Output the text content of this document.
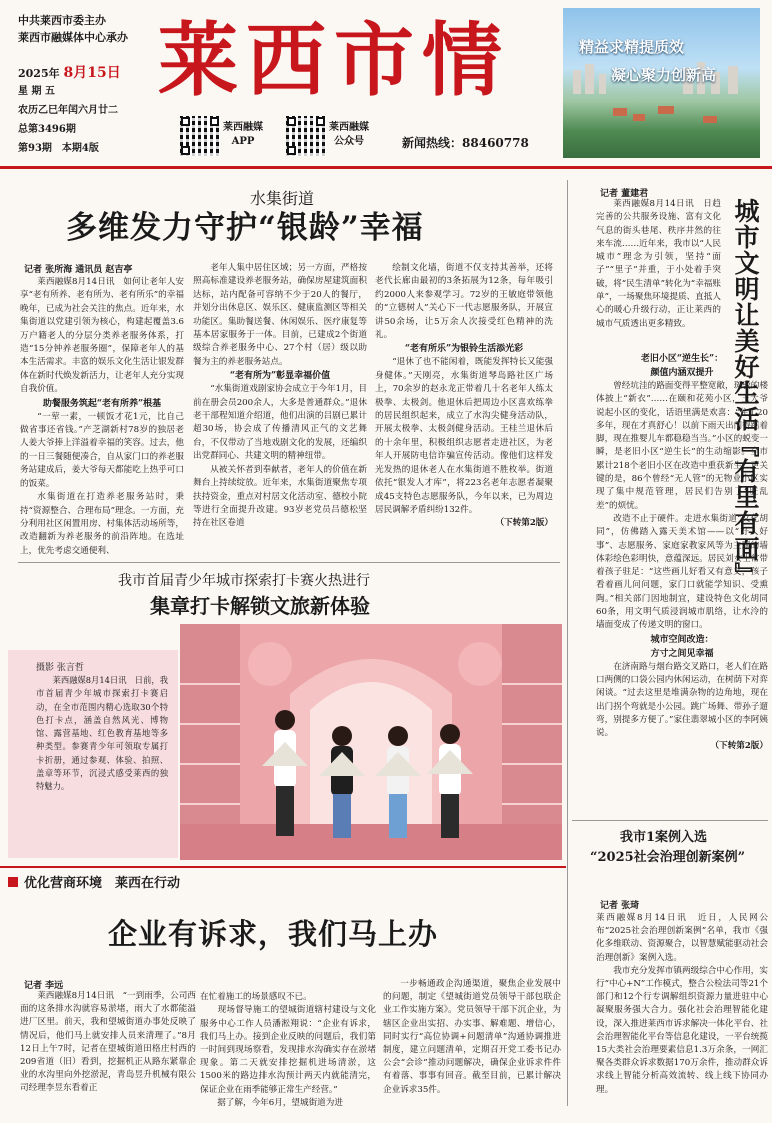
中共莱西市委主办
莱西市融媒体中心承办
2025年 8月15日
星 期 五
农历乙巳年闰六月廿二
总第3496期
第93期　本期4版
莱西市情
莱西融媒
APP
莱西融媒
公众号	新闻热线：88460778
精益求精提质效
凝心聚力创新高
水集街道
多维发力守护“银龄”幸福
记者 张所海 通讯员 赵吉亭

莱西融媒8月14日讯　如何让老年人安享“老有所养、老有所为、老有所乐”的幸福晚年，已成为社会关注的焦点。近年来，水集街道以党建引领为核心，构建起覆盖3.6万户籍老人的分层分类养老服务体系，打造“15分钟养老服务圈”，保障老年人的基本生活需求。丰富的娱乐文化生活让银发群体在新时代焕发新活力，让老年人充分实现自我价值。

助餐服务筑起“老有所养”根基

“一荤一素，一顿饭才花1元，比自己做省事还省钱。”产芝湖新村78岁的独居老人姜大爷捧上洋溢着幸福的笑容。过去，他的一日三餐随便凑合，自从家门口的养老服务站建成后，姜大爷每天都能吃上热乎可口的饭菜。

水集街道在打造养老服务站时，秉持“资源整合、合理布局”理念。一方面，充分利用社区闲置用房、村集体活动场所等，改造翻新为养老服务的前沿阵地。在选址上，优先考虑交通便利、

老年人集中居住区域；另一方面，严格按照高标准建设养老服务站，确保房屋建筑面积达标，站内配备可容纳不少于20人的餐厅，并划分出休息区、娱乐区、健康监测区等相关功能区。集助餐送餐、休闲娱乐、医疗康复等基本居家服务于一体。目前，已建成2个街道级综合养老服务中心、27个村（居）级以助餐为主的养老服务站点。

“老有所为”彰显幸福价值

“水集街道戏剧家协会成立于今年1月，目前在册会员200余人，大多是普通群众。”退休老干部程知道介绍道，他们出演的吕剧已累计超30场，协会成了传播清风正气的文艺舞台，不仅带动了当地戏剧文化的发展，还编织出党群同心、共建文明的精神纽带。

从被关怀者到奉献者，老年人的价值在新舞台上持续绽放。近年来，水集街道聚焦专项扶持资金，重点对村居文化活动室、德校小院等进行全面提升改建。93岁老党员吕德松坚持在社区卷道

绘制文化墙，街道不仅支持其善举，还将老代长廊由最初的3条拓展为12条，每年吸引约2000人来参观学习。72岁的王敏庭带领他的“立德树人”关心下一代志愿服务队，开展宣讲50余场，让5万余人次接受红色精神的洗礼。

“老有所乐”为银铃生活添光彩

“退休了也不能闲着，既能发挥特长又能强身健体。”天刚亮，水集街道琴岛路社区广场上，70余岁的赵永龙正带着几十名老年人练太极拳、太极剑。他退休后把周边小区喜欢练拳的居民组织起来，成立了水沟尖健身活动队，开展太极拳、太极剑健身活动。王桂兰退休后的十余年里，积极组织志愿者走进社区，为老年人开展防电信诈骗宣传活动。像他们这样发光发热的退休老人在水集街道不胜枚举。街道依托“银发人才库”，将223名老年志愿者凝聚成45支特色志愿服务队，今年以来，已为周边居民调解矛盾纠纷132件。

（下转第2版）
我市首届青少年城市探索打卡赛火热进行
集章打卡解锁文旅新体验
摄影 张言哲
莱西融媒8月14日讯　日前，我市首届青少年城市探索打卡赛启动，在全市范围内精心选取30个特色打卡点，涵盖自然风光、博物馆、露营基地、红色教育基地等多种类型。参赛青少年可领取专属打卡折册，通过参观、体验、拍照、盖章等环节，沉浸式感受莱西的独特魅力。
优化营商环境　莱西在行动
企业有诉求，我们马上办
记者 李远

莱西融媒8月14日讯　“一到雨季，公司西面的这条排水沟就容易淤堵，雨大了水都能溢进厂区里。前天，我和望城街道办事处反映了情况后，他们马上就安排人员来清理了。”8月12日上午7时，记者在望城街道田格庄村西的209省道（旧）看到，挖掘机正从路东紧靠企业的水沟里向外挖淤泥，青岛昱升机械有限公司经理李昱东看着正

在忙着施工的场景感叹不已。
　　现场督导施工的望城街道辖村建设与文化服务中心工作人员潘淞翔说：“企业有诉求，我们马上办。接到企业反映的问题后，我们第一时间到现场察看，发现排水沟确实存在淤堵现象。第二天就安排挖掘机进场清淤，这1500米的路边排水沟预计两天内就能清完，保证企业在雨季能够正常生产经营。”
　　据了解，今年6月，望城街道为进

一步畅通政企沟通渠道，聚焦企业发展中的问题，制定《望城街道党员领导干部包联企业工作实施方案》。党员领导干部下沉企业，为辖区企业出实招、办实事、解难题、增信心，同时实行“高位协调+问题清单”沟通协调推进制度，建立问题清单，定期召开党工委书记办公会“会诊”推动问题解决，确保企业诉求件件有着落、事事有回音。截至目前，已累计解决企业诉求35件。

记者 董建君
莱西融媒8月14日讯　日趋完善的公共服务设施、富有文化气息的街头巷尾、秩序井然的往来车流……近年来，我市以“人民城市”理念为引领，坚持“面子”“里子”并重，于小处着手突破，将“民生清单”转化为“幸福账单”，一场聚焦环境提质、直抵人心的暖心升级行动，正让莱西的城市气质透出更多精致。	城市文明让美好生活『有里有面』
老旧小区“逆生长”：
颜值内涵双提升

曾经坑洼的路面变得平整宽敞，斑驳的楼体披上“新衣”……在颐和花苑小区，王大爷说起小区的变化，话语里满是欢喜：“住了20多年，现在才真舒心！以前下雨天出门得踮着脚，现在推婴儿车都稳稳当当。”小区的蜕变一瞬，是老旧小区“逆生长”的生动缩影。全市累计218个老旧小区在改造中重获新生，更关键的是，86个曾经“无人管”的无物业小区实现了集中规范管理，居民们告别了“脏乱差”的烦忧。

改造不止于硬件。走进水集街道“文化胡同”，仿佛踏入露天美术馆——以“好人好事”、志愿服务、家庭家教家风等为主题的墙体彩绘色彩明快，意蕴深远。居民刘女士常带着孩子驻足：“这些画儿好看又有意义，孩子看着画儿问问题，家门口就能学知识、受熏陶。”相关部门因地制宜，建设特色文化胡同60条，用文明气质浸润城市肌络，让水泠的墙面变成了传递文明的窗口。

城市空间改造：
方寸之间见幸福

在济南路与烟台路交叉路口，老人们在路口两侧的口袋公园内休闲运动，在树荫下对弈闲谈。“过去这里是堆满杂物的边角地，现在出门拐个弯就是小公园。跳广场舞、带孙子遛弯，别提多方便了。”家住翡翠城小区的李阿姨说。

（下转第2版）
我市1案例入选
“2025社会治理创新案例”
记者 张琦
莱西融媒8月14日讯　近日，人民网公布“2025社会治理创新案例”名单，我市《强化多维联动、资源聚合，以智慧赋能驱动社会治理创新》案例入选。
　　我市充分发挥市镇两级综合中心作用，实行“中心+N”工作模式，整合公检法司等21个部门和12个行专调解组织资源力量进驻中心凝聚服务强大合力。强化社会治理智能化建设，深入推进莱西市诉求解决一体化平台、社会治理智能化平台等信息化建设，一平台统揽15大类社会治理要素信息1.3万余条，一网汇聚各类群众诉求数据170万余件，推动群众诉求线上智能分析高效流转、线上线下协同办理。
